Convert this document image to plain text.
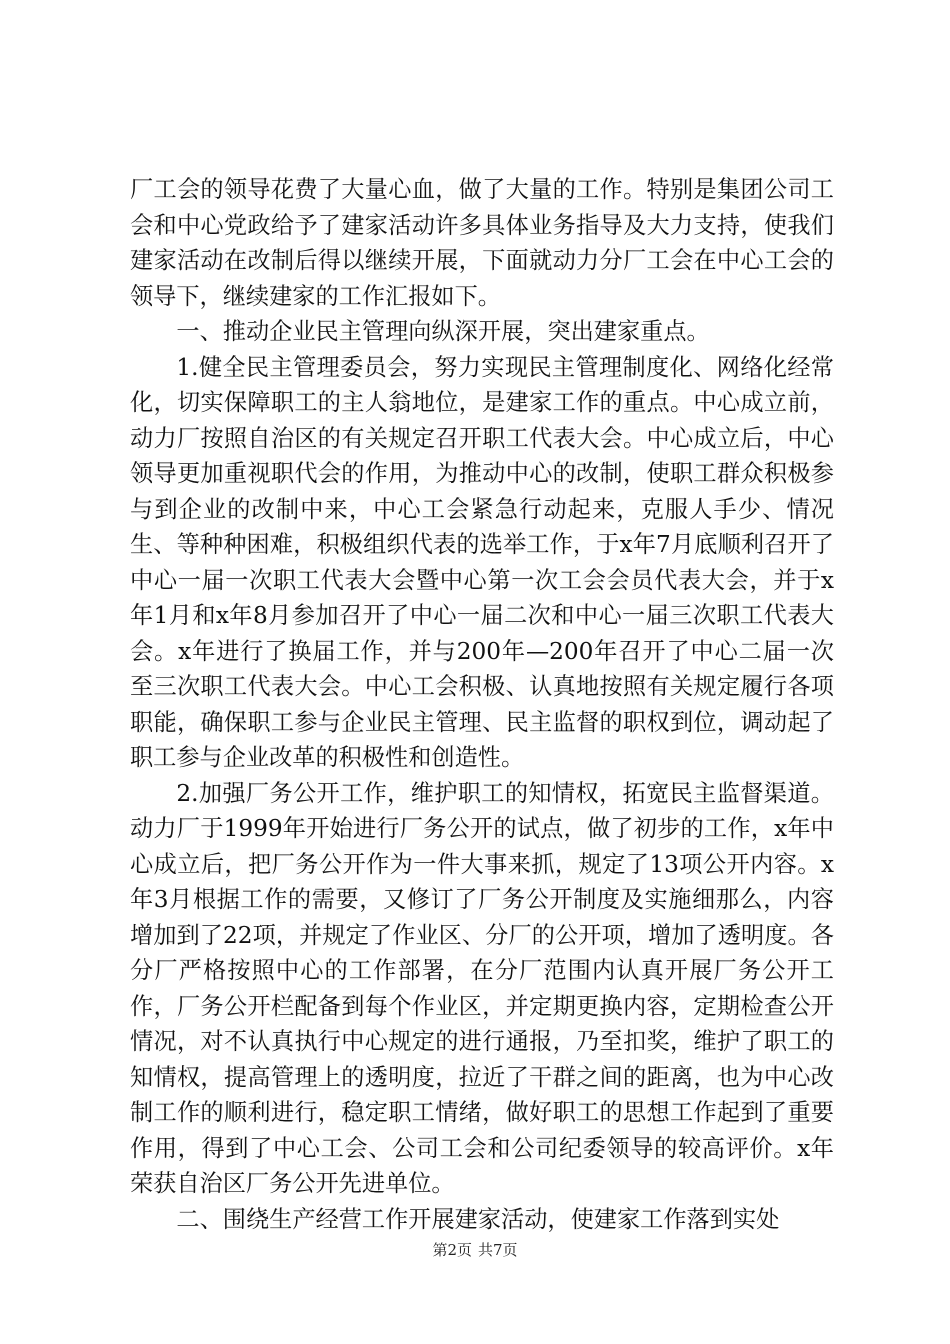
厂工会的领导花费了大量心血，做了大量的工作。特别是集团公司工会和中心党政给予了建家活动许多具体业务指导及大力支持，使我们建家活动在改制后得以继续开展，下面就动力分厂工会在中心工会的领导下，继续建家的工作汇报如下。

一、推动企业民主管理向纵深开展，突出建家重点。

1.健全民主管理委员会，努力实现民主管理制度化、网络化经常化，切实保障职工的主人翁地位，是建家工作的重点。中心成立前，动力厂按照自治区的有关规定召开职工代表大会。中心成立后，中心领导更加重视职代会的作用，为推动中心的改制，使职工群众积极参与到企业的改制中来，中心工会紧急行动起来，克服人手少、情况生、等种种困难，积极组织代表的选举工作，于x年7月底顺利召开了中心一届一次职工代表大会暨中心第一次工会会员代表大会，并于x年1月和x年8月参加召开了中心一届二次和中心一届三次职工代表大会。x年进行了换届工作，并与200年—200年召开了中心二届一次至三次职工代表大会。中心工会积极、认真地按照有关规定履行各项职能，确保职工参与企业民主管理、民主监督的职权到位，调动起了职工参与企业改革的积极性和创造性。

2.加强厂务公开工作，维护职工的知情权，拓宽民主监督渠道。动力厂于1999年开始进行厂务公开的试点，做了初步的工作，x年中心成立后，把厂务公开作为一件大事来抓，规定了13项公开内容。x年3月根据工作的需要，又修订了厂务公开制度及实施细那么，内容增加到了22项，并规定了作业区、分厂的公开项，增加了透明度。各分厂严格按照中心的工作部署，在分厂范围内认真开展厂务公开工作，厂务公开栏配备到每个作业区，并定期更换内容，定期检查公开情况，对不认真执行中心规定的进行通报，乃至扣奖，维护了职工的知情权，提高管理上的透明度，拉近了干群之间的距离，也为中心改制工作的顺利进行，稳定职工情绪，做好职工的思想工作起到了重要作用，得到了中心工会、公司工会和公司纪委领导的较高评价。x年荣获自治区厂务公开先进单位。

二、围绕生产经营工作开展建家活动，使建家工作落到实处

第2页 共7页
